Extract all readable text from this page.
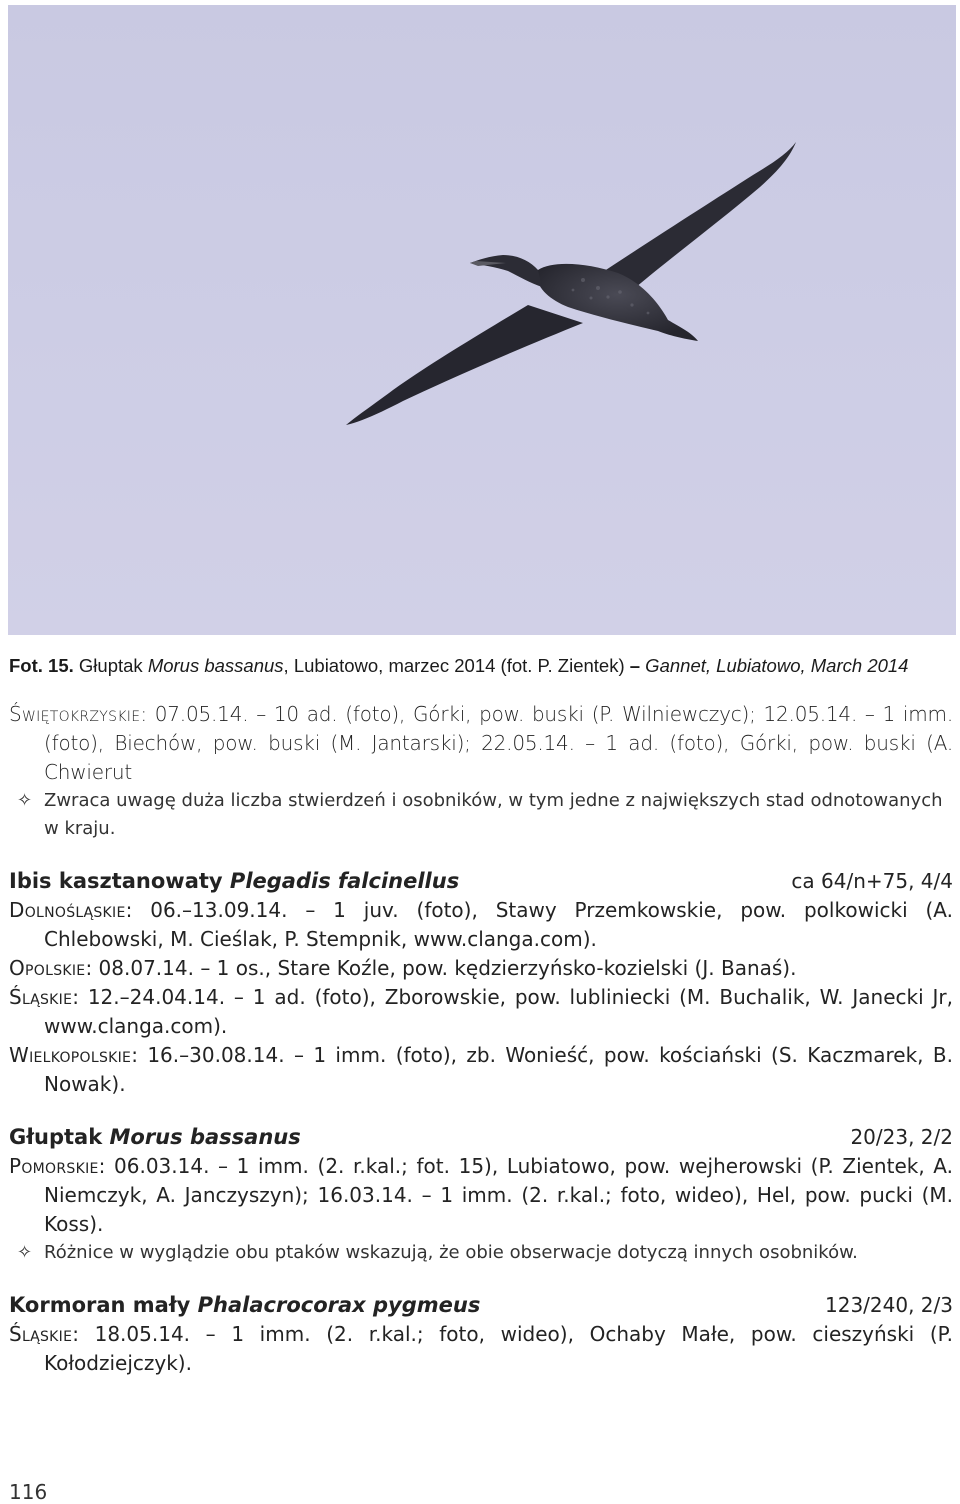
Fot. 15. Głuptak Morus bassanus, Lubiatowo, marzec 2014 (fot. P. Zientek) – Gannet, Lubiatowo, March 2014

Świętokrzyskie: 07.05.14. – 10 ad. (foto), Górki, pow. buski (P. Wilniewczyc); 12.05.14. – 1 imm. (foto), Biechów, pow. buski (M. Jantarski); 22.05.14. – 1 ad. (foto), Górki, pow. buski (A. Chwierut

✧ Zwraca uwagę duża liczba stwierdzeń i osobników, w tym jedne z największych stad odnotowanych w kraju.

Ibis kasztanowaty Plegadis falcinellus	ca 64/n+75, 4/4

Dolnośląskie: 06.–13.09.14. – 1 juv. (foto), Stawy Przemkowskie, pow. polkowicki (A. Chlebowski, M. Cieślak, P. Stempnik, www.clanga.com).

Opolskie: 08.07.14. – 1 os., Stare Koźle, pow. kędzierzyńsko-kozielski (J. Banaś).

Śląskie: 12.–24.04.14. – 1 ad. (foto), Zborowskie, pow. lubliniecki (M. Buchalik, W. Janecki Jr, www.clanga.com).

Wielkopolskie: 16.–30.08.14. – 1 imm. (foto), zb. Wonieść, pow. kościański (S. Kaczmarek, B. Nowak).

Głuptak Morus bassanus	20/23, 2/2

Pomorskie: 06.03.14. – 1 imm. (2. r.kal.; fot. 15), Lubiatowo, pow. wejherowski (P. Zientek, A. Niemczyk, A. Janczyszyn); 16.03.14. – 1 imm. (2. r.kal.; foto, wideo), Hel, pow. pucki (M. Koss).

✧ Różnice w wyglądzie obu ptaków wskazują, że obie obserwacje dotyczą innych osobników.

Kormoran mały Phalacrocorax pygmeus	123/240, 2/3

Śląskie: 18.05.14. – 1 imm. (2. r.kal.; foto, wideo), Ochaby Małe, pow. cieszyński (P. Kołodziejczyk).

116
